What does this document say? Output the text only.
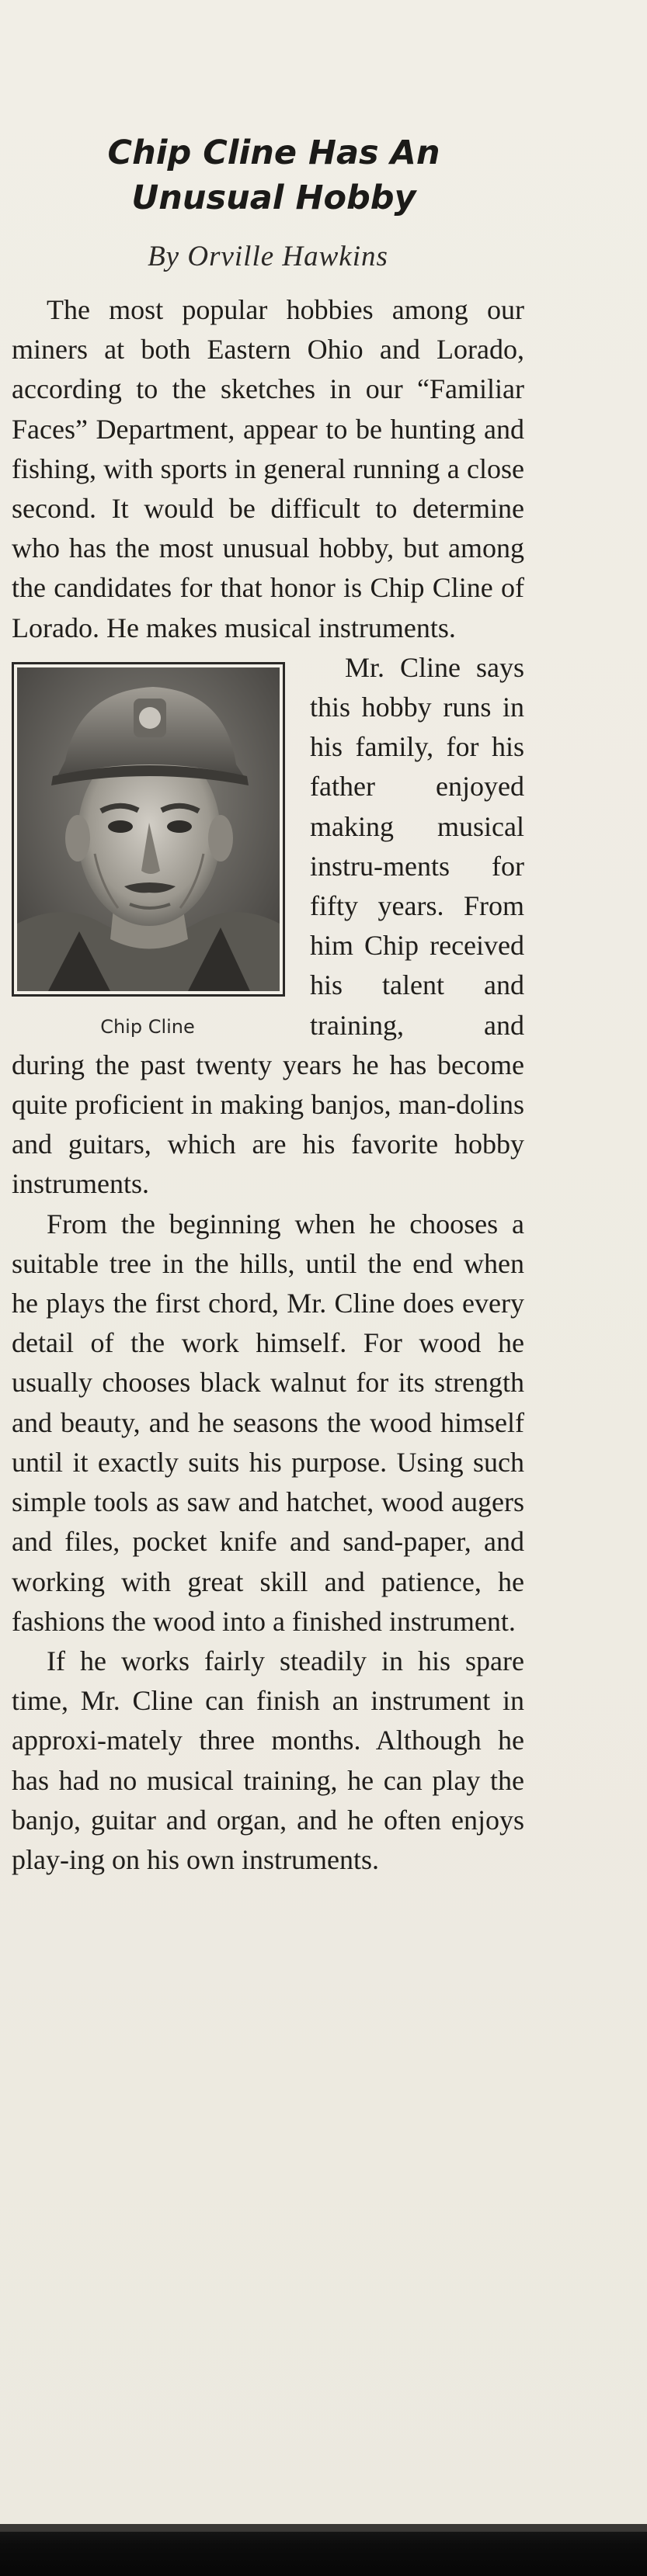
Chip Cline Has An
Unusual Hobby
By Orville Hawkins

The most popular hobbies among our miners at both Eastern Ohio and Lorado, according to the sketches in our “Familiar Faces” Department, appear to be hunting and fishing, with sports in general running a close second. It would be difficult to determine who has the most unusual hobby, but among the candidates for that honor is Chip Cline of Lorado. He makes musical instruments.

Chip Cline

Mr. Cline says this hobby runs in his family, for his father enjoyed making musical instru-ments for fifty years. From him Chip received his talent and training, and during the past twenty years he has become quite proficient in making banjos, man-dolins and guitars, which are his favorite hobby instruments.

From the beginning when he chooses a suitable tree in the hills, until the end when he plays the first chord, Mr. Cline does every detail of the work himself. For wood he usually chooses black walnut for its strength and beauty, and he seasons the wood himself until it exactly suits his purpose. Using such simple tools as saw and hatchet, wood augers and files, pocket knife and sand-paper, and working with great skill and patience, he fashions the wood into a finished instrument.

If he works fairly steadily in his spare time, Mr. Cline can finish an instrument in approxi-mately three months. Although he has had no musical training, he can play the banjo, guitar and organ, and he often enjoys play-ing on his own instruments.
